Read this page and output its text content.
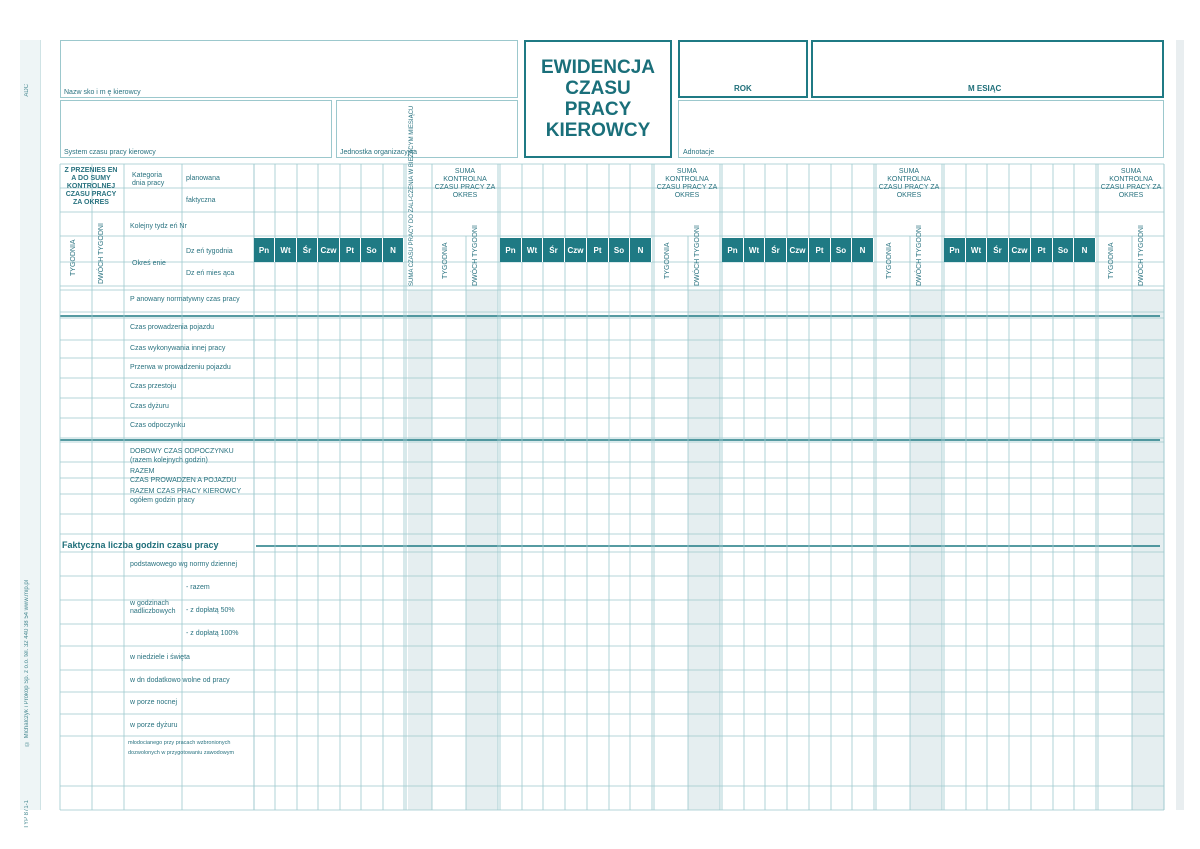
© Michalczyk i Prokop Sp. z o.o. tel. 32 440 38 54 www.mip.pl
TYP 871-1
ADC	Nazw sko i m ę kierowcy
System czasu pracy kierowcy	Jednostka organizacyjna
EWIDENCJA
CZASU
PRACY
KIEROWCY
ROK	M ESIĄC
Adnotacje
Z PRZENIES EN A DO SUMY KONTROLNEJ CZASU PRACY ZA OKRES
TYGODNIA	DWÓCH TYGODNI
Kategoria dnia pracy
planowana
faktyczna
Kolejny tydz eń Nr
Okreś enie
Dz eń tygodnia
Dz eń mies ąca
P anowany normatywny czas pracy
SUMA CZASU PRACY DO ZALI-CZENIA W BIEŻĄCYM MIESIĄCU	SUMA KONTROLNA CZASU PRACY ZA OKRES
TYGODNIA	DWÓCH TYGODNI
SUMA KONTROLNA CZASU PRACY ZA OKRES
TYGODNIA	DWÓCH TYGODNI
SUMA KONTROLNA CZASU PRACY ZA OKRES
TYGODNIA	DWÓCH TYGODNI
SUMA KONTROLNA CZASU PRACY ZA OKRES
TYGODNIA	DWÓCH TYGODNI
Pn	Wt	Śr	Czw	Pt	So	N	Pn	Wt	Śr	Czw	Pt	So	N	Pn	Wt	Śr	Czw	Pt	So	N	Pn	Wt	Śr	Czw	Pt	So	N
Czas prowadzenia pojazdu
Czas wykonywania innej pracy
Przerwa w prowadzeniu pojazdu
Czas przestoju
Czas dyżuru
Czas odpoczynku
DOBOWY CZAS ODPOCZYNKU
(razem kolejnych godzin)
RAZEM
CZAS PROWADZEN A POJAZDU
RAZEM CZAS PRACY KIEROWCY
ogółem godzin pracy
Faktyczna liczba godzin czasu pracy
podstawowego wg normy dziennej
w godzinach nadliczbowych
- razem
- z dopłatą 50%
- z dopłatą 100%
w niedziele i święta
w dn dodatkowo wolne od pracy
w porze nocnej
w porze dyżuru
młodocianego przy pracach wzbronionych
dozwolonych w przygotowaniu zawodowym
